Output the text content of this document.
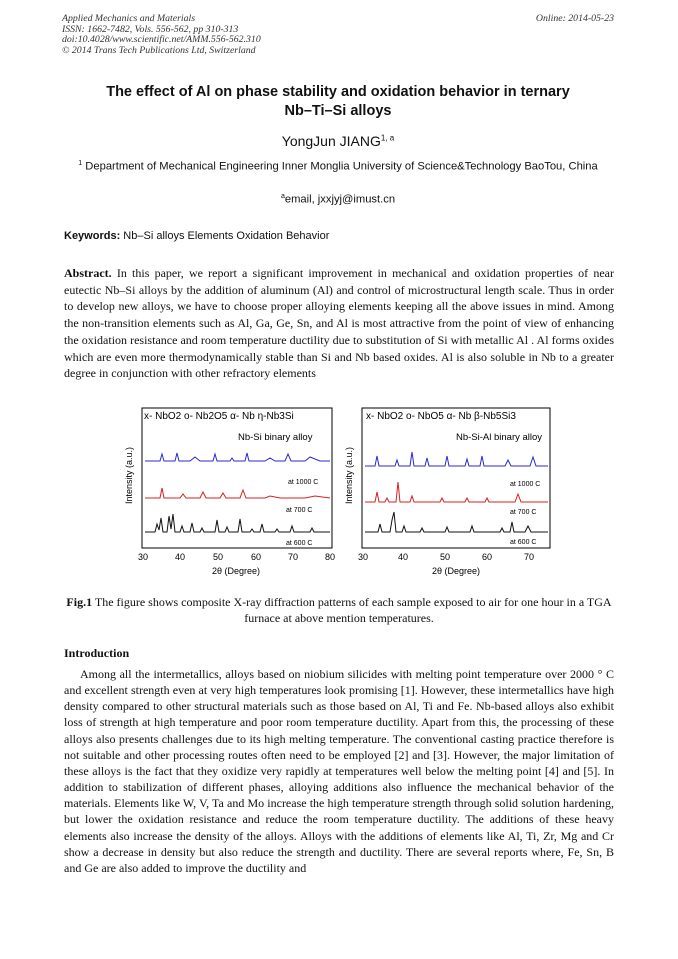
Applied Mechanics and Materials
ISSN: 1662-7482, Vols. 556-562, pp 310-313
doi:10.4028/www.scientific.net/AMM.556-562.310
© 2014 Trans Tech Publications Ltd, Switzerland
Online: 2014-05-23
The effect of Al on phase stability and oxidation behavior in ternary
Nb–Ti–Si alloys
YongJun JIANG$^{1, a}$
$^1$ Department of Mechanical Engineering Inner Monglia University of Science&Technology BaoTou, China
$^a$email, jxxjyj@imust.cn
Keywords: Nb–Si alloys Elements Oxidation Behavior
Abstract. In this paper, we report a significant improvement in mechanical and oxidation properties of near eutectic Nb–Si alloys by the addition of aluminum (Al) and control of microstructural length scale. Thus in order to develop new alloys, we have to choose proper alloying elements keeping all the above issues in mind. Among the non-transition elements such as Al, Ga, Ge, Sn, and Al is most attractive from the point of view of enhancing the oxidation resistance and room temperature ductility due to substitution of Si with metallic Al . Al forms oxides which are even more thermodynamically stable than Si and Nb based oxides. Al is also soluble in Nb to a greater degree in conjunction with other refractory elements
x- NbO2 o- Nb2O5 α- Nb η-Nb3Si
Nb-Si binary alloy
Intensity (a.u.)	at 1000 C
at 700 C
at 600 C
30	40	50	60	70	80
2θ (Degree)
x- NbO2 o- NbO5 α- Nb β-Nb5Si3
Nb-Si-Al binary alloy
Intensity (a.u.)	at 1000 C
at 700 C
at 600 C
30	40	50	60	70
2θ (Degree)
Fig.1 The figure shows composite X-ray diffraction patterns of each sample exposed to air for one hour in a TGA furnace at above mention temperatures.
Introduction
Among all the intermetallics, alloys based on niobium silicides with melting point temperature over 2000 ° C and excellent strength even at very high temperatures look promising [1]. However, these intermetallics have high density compared to other structural materials such as those based on Al, Ti and Fe. Nb-based alloys also exhibit loss of strength at high temperature and poor room temperature ductility. Apart from this, the processing of these alloys also presents challenges due to its high melting temperature. The conventional casting practice therefore is not suitable and other processing routes often need to be employed [2] and [3]. However, the major limitation of these alloys is the fact that they oxidize very rapidly at temperatures well below the melting point [4] and [5]. In addition to stabilization of different phases, alloying additions also influence the mechanical behavior of the materials. Elements like W, V, Ta and Mo increase the high temperature strength through solid solution hardening, but lower the oxidation resistance and reduce the room temperature ductility. The additions of these heavy elements also increase the density of the alloys. Alloys with the additions of elements like Al, Ti, Zr, Mg and Cr show a decrease in density but also reduce the strength and ductility. There are several reports where, Fe, Sn, B and Ge are also added to improve the ductility and
